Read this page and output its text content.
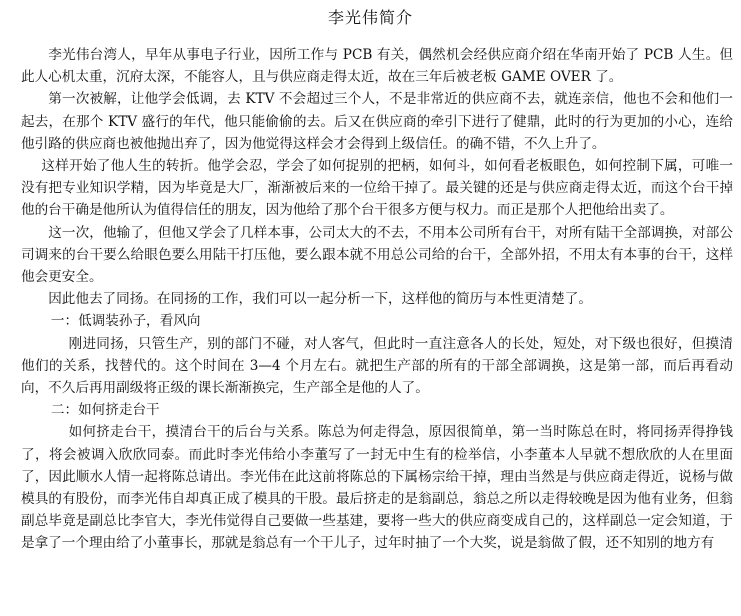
李光伟简介

李光伟台湾人，早年从事电子行业，因所工作与 PCB 有关，偶然机会经供应商介绍在华南开始了 PCB 人生。但此人心机太重，沉府太深，不能容人，且与供应商走得太近，故在三年后被老板 GAME OVER 了。

第一次被解，让他学会低调，去 KTV 不会超过三个人，不是非常近的供应商不去，就连亲信，他也不会和他们一起去，在那个 KTV 盛行的年代，他只能偷偷的去。后又在供应商的牵引下进行了健鼎，此时的行为更加的小心，连给他引路的供应商也被他抛出弃了，因为他觉得这样会才会得到上级信任。的确不错，不久上升了。

这样开始了他人生的转折。他学会忍，学会了如何捉别的把柄，如何斗，如何看老板眼色，如何控制下属，可唯一没有把专业知识学精，因为毕竟是大厂，渐渐被后来的一位给干掉了。最关键的还是与供应商走得太近，而这个台干掉他的台干确是他所认为值得信任的朋友，因为他给了那个台干很多方便与权力。而正是那个人把他给出卖了。

这一次，他输了，但他又学会了几样本事，公司太大的不去，不用本公司所有台干，对所有陆干全部调换，对部公司调来的台干要么给眼色要么用陆干打压他，要么跟本就不用总公司给的台干，全部外招，不用太有本事的台干，这样他会更安全。

因此他去了同扬。在同扬的工作，我们可以一起分析一下，这样他的简历与本性更清楚了。

一：低调装孙子，看风向

刚进同扬，只管生产，别的部门不碰，对人客气，但此时一直注意各人的长处，短处，对下级也很好，但摸清他们的关系，找替代的。这个时间在 3—4 个月左右。就把生产部的所有的干部全部调换，这是第一部，而后再看动向，不久后再用副级将正级的课长渐渐换完，生产部全是他的人了。

二：如何挤走台干

如何挤走台干，摸清台干的后台与关系。陈总为何走得急，原因很简单，第一当时陈总在时，将同扬弄得挣钱了，将会被调入欣欣同泰。而此时李光伟给小李董写了一封无中生有的检举信，小李董本人早就不想欣欣的人在里面了，因此顺水人情一起将陈总请出。李光伟在此这前将陈总的下属杨宗给干掉，理由当然是与供应商走得近，说杨与做模具的有股份，而李光伟自却真正成了模具的干股。最后挤走的是翁副总，翁总之所以走得较晚是因为他有业务，但翁副总毕竟是副总比李官大，李光伟觉得自己要做一些基建，要将一些大的供应商变成自己的，这样副总一定会知道，于是拿了一个理由给了小董事长，那就是翁总有一个干儿子，过年时抽了一个大奖，说是翁做了假，还不知别的地方有
